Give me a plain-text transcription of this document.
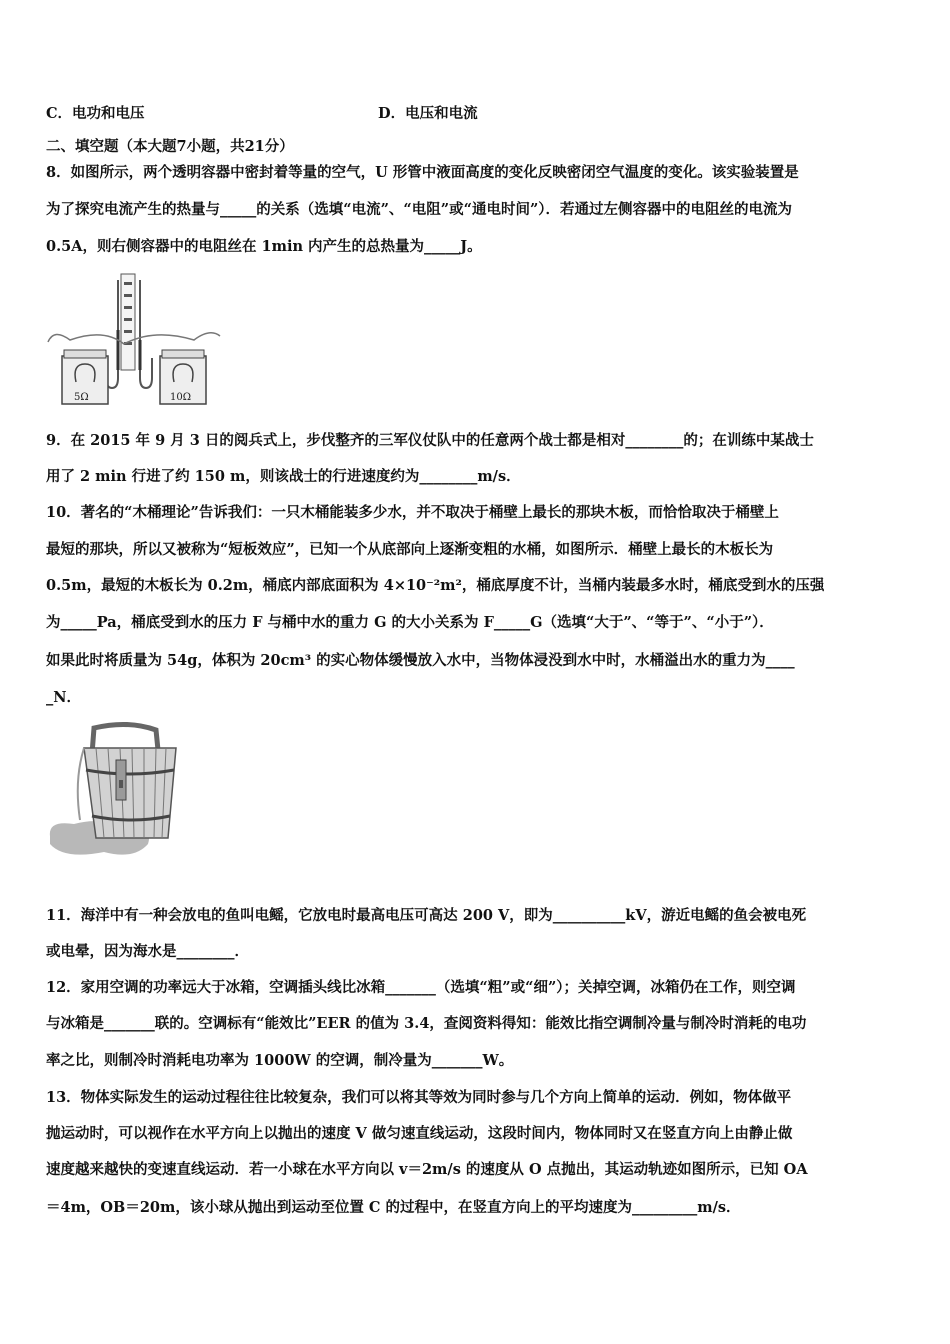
C．电功和电压	D．电压和电流
二、填空题（本大题7小题，共21分）
8．如图所示，两个透明容器中密封着等量的空气，U 形管中液面高度的变化反映密闭空气温度的变化。该实验装置是
为了探究电流产生的热量与_____的关系（选填“电流”、“电阻”或“通电时间”）．若通过左侧容器中的电阻丝的电流为
0.5A，则右侧容器中的电阻丝在 1min 内产生的总热量为_____J。
5Ω	10Ω
9．在 2015 年 9 月 3 日的阅兵式上，步伐整齐的三军仪仗队中的任意两个战士都是相对________的；在训练中某战士
用了 2 min 行进了约 150 m，则该战士的行进速度约为________m/s．
10．著名的“木桶理论”告诉我们：一只木桶能装多少水，并不取决于桶壁上最长的那块木板，而恰恰取决于桶壁上
最短的那块，所以又被称为“短板效应”，已知一个从底部向上逐渐变粗的水桶，如图所示．桶壁上最长的木板长为
0.5m，最短的木板长为 0.2m，桶底内部底面积为 4×10⁻²m²，桶底厚度不计，当桶内装最多水时，桶底受到水的压强
为_____Pa，桶底受到水的压力 F 与桶中水的重力 G 的大小关系为 F_____G（选填“大于”、“等于”、“小于”）．
如果此时将质量为 54g，体积为 20cm³ 的实心物体缓慢放入水中，当物体浸没到水中时，水桶溢出水的重力为____
_N．
11．海洋中有一种会放电的鱼叫电鳐，它放电时最高电压可高达 200 V，即为__________kV，游近电鳐的鱼会被电死
或电晕，因为海水是________．
12．家用空调的功率远大于冰箱，空调插头线比冰箱_______（选填“粗”或“细”）；关掉空调，冰箱仍在工作，则空调
与冰箱是_______联的。空调标有“能效比”EER 的值为 3.4，查阅资料得知：能效比指空调制冷量与制冷时消耗的电功
率之比，则制冷时消耗电功率为 1000W 的空调，制冷量为_______W。
13．物体实际发生的运动过程往往比较复杂，我们可以将其等效为同时参与几个方向上简单的运动．例如，物体做平
抛运动时，可以视作在水平方向上以抛出的速度 V 做匀速直线运动，这段时间内，物体同时又在竖直方向上由静止做
速度越来越快的变速直线运动．若一小球在水平方向以 v＝2m/s 的速度从 O 点抛出，其运动轨迹如图所示，已知 OA
＝4m，OB＝20m，该小球从抛出到运动至位置 C 的过程中，在竖直方向上的平均速度为_________m/s．
